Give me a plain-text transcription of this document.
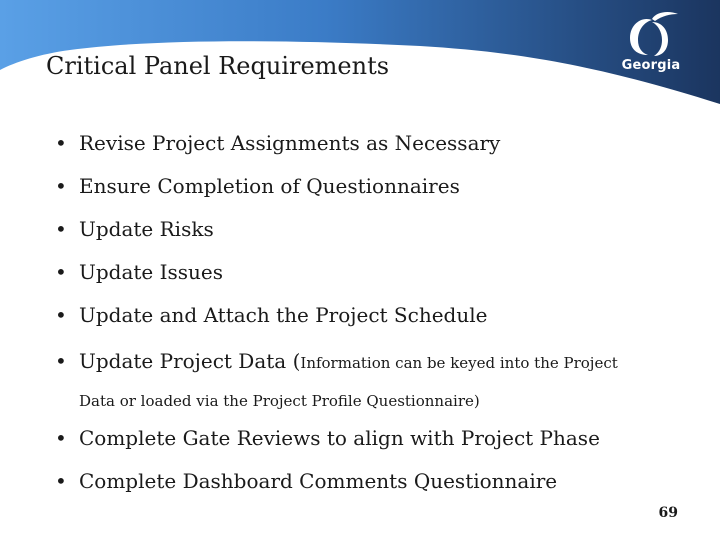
Georgia
Critical Panel Requirements
• Revise Project Assignments as Necessary
• Ensure Completion of Questionnaires
• Update Risks
• Update Issues
• Update and Attach the Project Schedule
• Update Project Data (Information can be keyed into the Project
Data or loaded via the Project Profile Questionnaire)
• Complete Gate Reviews to align with Project Phase
• Complete Dashboard Comments Questionnaire
69
